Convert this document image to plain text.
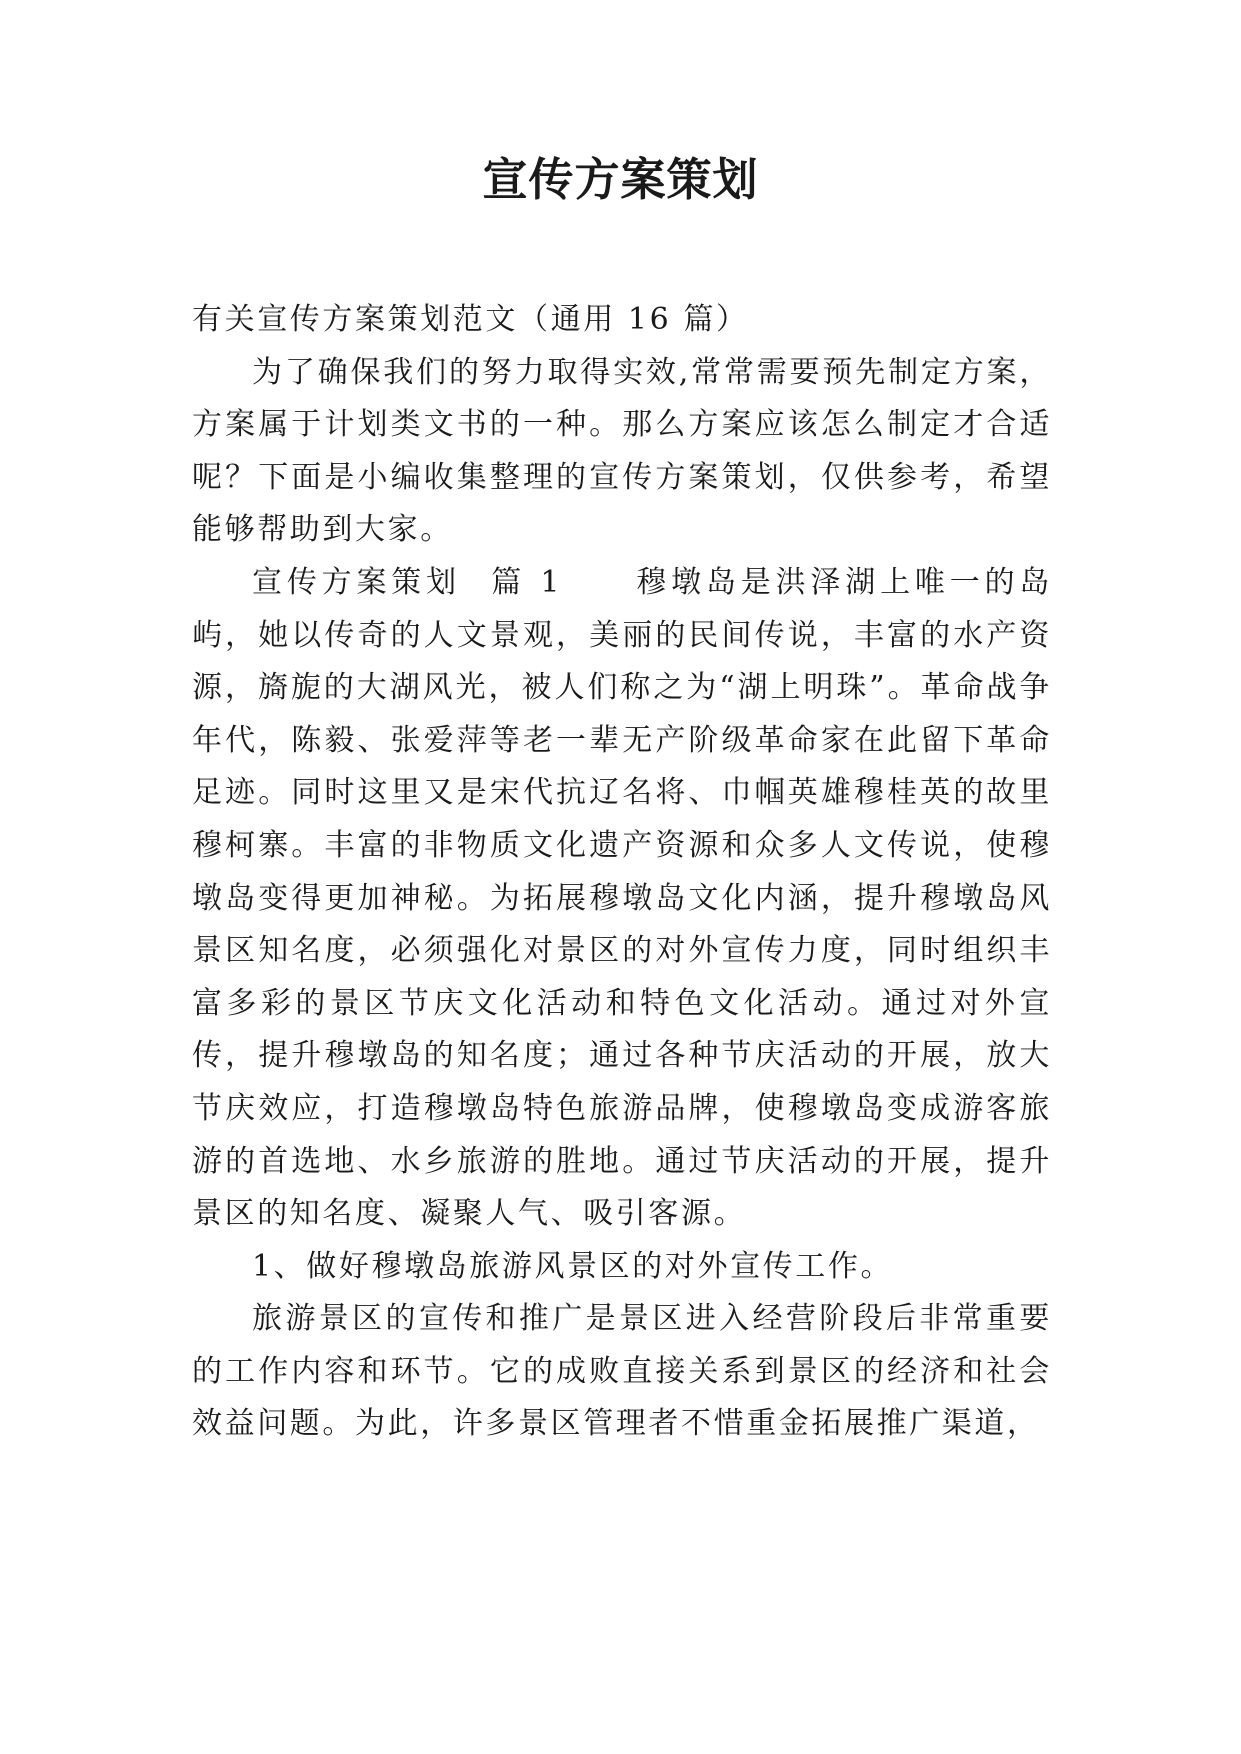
宣传方案策划

有关宣传方案策划范文（通用 16 篇）

为了确保我们的努力取得实效,常常需要预先制定方案，方案属于计划类文书的一种。那么方案应该怎么制定才合适呢？下面是小编收集整理的宣传方案策划，仅供参考，希望能够帮助到大家。

宣传方案策划 篇 1 穆墩岛是洪泽湖上唯一的岛屿，她以传奇的人文景观，美丽的民间传说，丰富的水产资源，旖旎的大湖风光，被人们称之为“湖上明珠”。革命战争年代，陈毅、张爱萍等老一辈无产阶级革命家在此留下革命足迹。同时这里又是宋代抗辽名将、巾帼英雄穆桂英的故里穆柯寨。丰富的非物质文化遗产资源和众多人文传说，使穆墩岛变得更加神秘。为拓展穆墩岛文化内涵，提升穆墩岛风景区知名度，必须强化对景区的对外宣传力度，同时组织丰富多彩的景区节庆文化活动和特色文化活动。通过对外宣传，提升穆墩岛的知名度；通过各种节庆活动的开展，放大节庆效应，打造穆墩岛特色旅游品牌，使穆墩岛变成游客旅游的首选地、水乡旅游的胜地。通过节庆活动的开展，提升景区的知名度、凝聚人气、吸引客源。

1、做好穆墩岛旅游风景区的对外宣传工作。

旅游景区的宣传和推广是景区进入经营阶段后非常重要的工作内容和环节。它的成败直接关系到景区的经济和社会效益问题。为此，许多景区管理者不惜重金拓展推广渠道，
